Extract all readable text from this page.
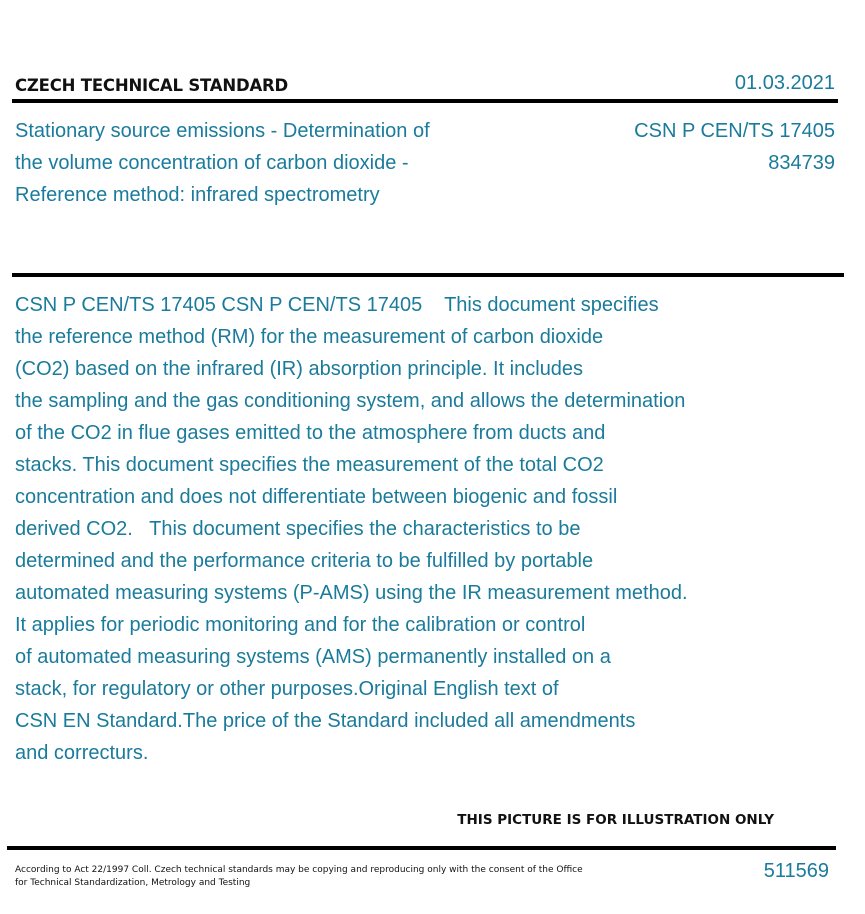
CZECH TECHNICAL STANDARD	01.03.2021
Stationary source emissions - Determination of
the volume concentration of carbon dioxide -
Reference method: infrared spectrometry
CSN P CEN/TS 17405
834739
CSN P CEN/TS 17405 CSN P CEN/TS 17405    This document specifies
the reference method (RM) for the measurement of carbon dioxide
(CO2) based on the infrared (IR) absorption principle. It includes
the sampling and the gas conditioning system, and allows the determination
of the CO2 in flue gases emitted to the atmosphere from ducts and
stacks. This document specifies the measurement of the total CO2
concentration and does not differentiate between biogenic and fossil
derived CO2.   This document specifies the characteristics to be
determined and the performance criteria to be fulfilled by portable
automated measuring systems (P-AMS) using the IR measurement method.
It applies for periodic monitoring and for the calibration or control
of automated measuring systems (AMS) permanently installed on a
stack, for regulatory or other purposes.Original English text of
CSN EN Standard.The price of the Standard included all amendments
and correcturs.
THIS PICTURE IS FOR ILLUSTRATION ONLY
According to Act 22/1997 Coll. Czech technical standards may be copying and reproducing only with the consent of the Office
for Technical Standardization, Metrology and Testing
511569
